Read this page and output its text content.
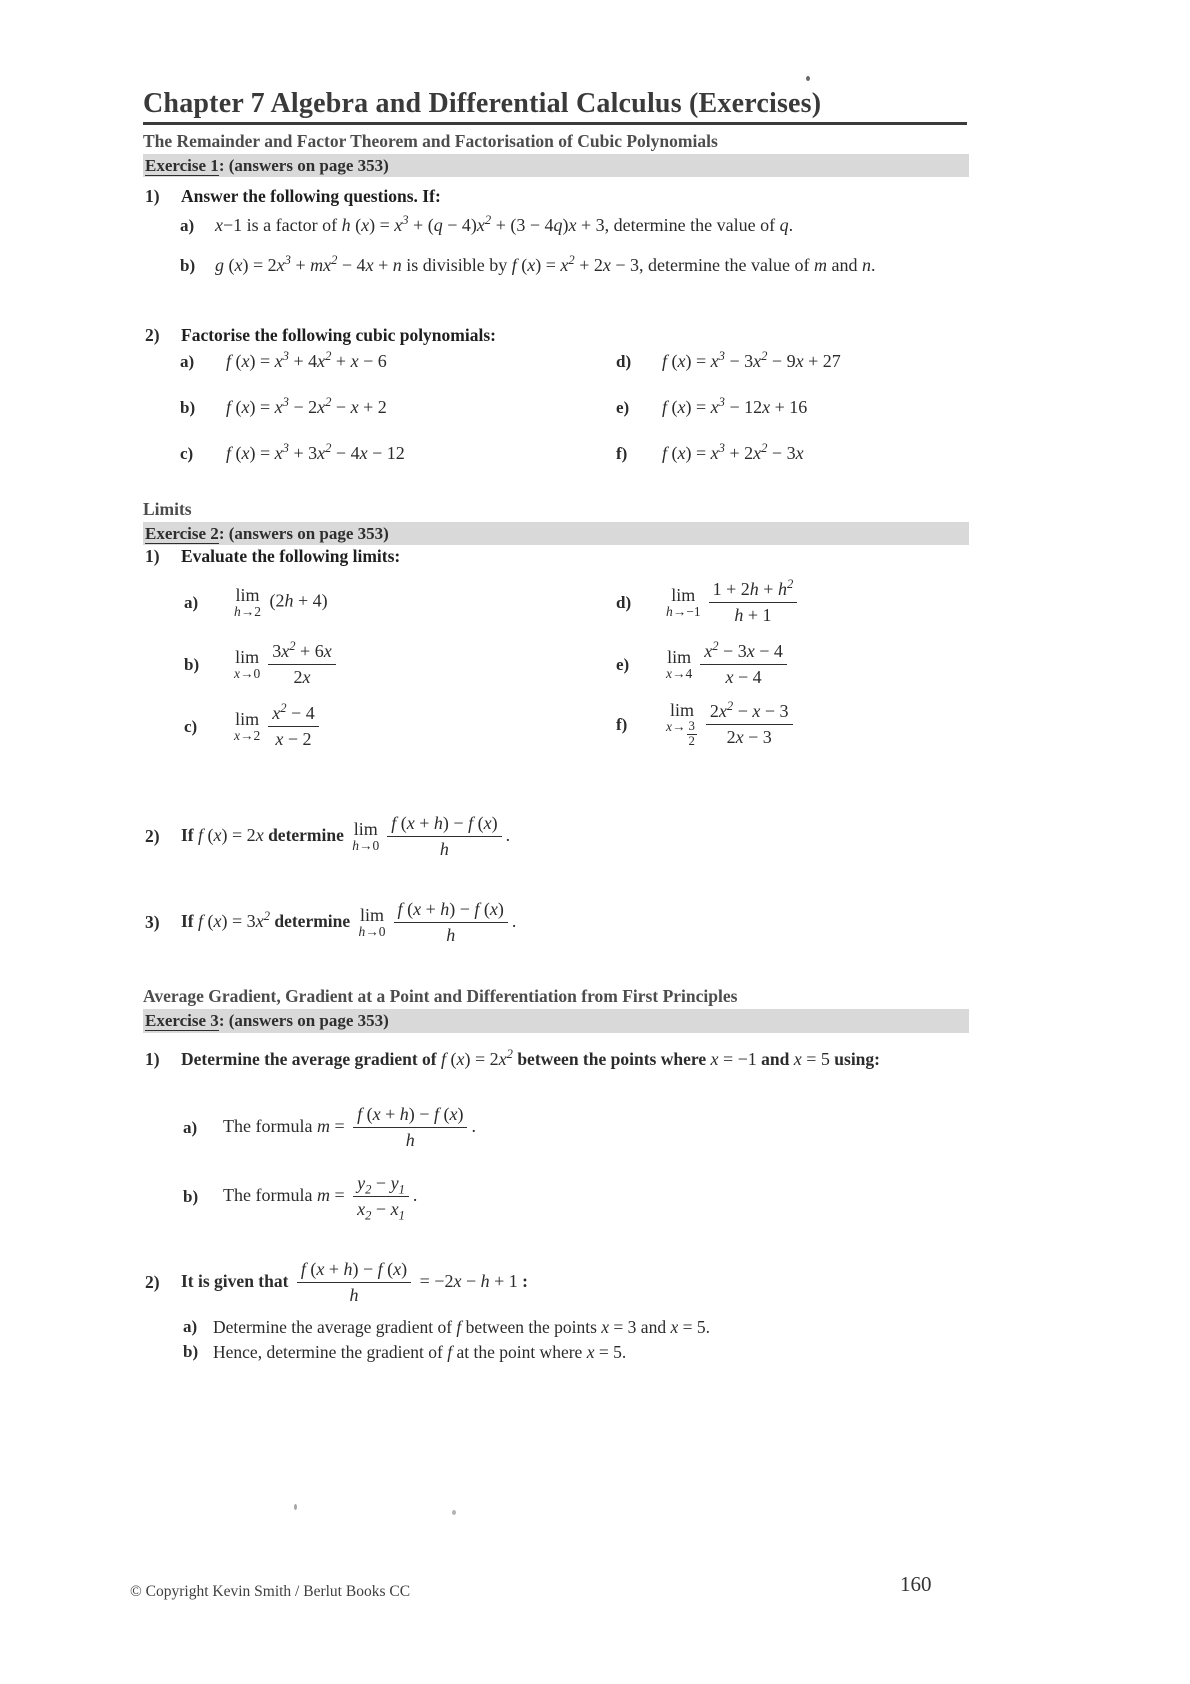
Chapter 7 Algebra and Differential Calculus (Exercises)
The Remainder and Factor Theorem and Factorisation of Cubic Polynomials
Exercise 1: (answers on page 353)
1)	Answer the following questions. If:
a)	x−1 is a factor of h $(x) = x^3 + (q - 4)x^2 + (3 - 4q)x + 3$, determine the value of q.
b)	g $(x) = 2x^3 + mx^2 - 4x + n$ is divisible by f $(x) = x^2 + 2x - 3$, determine the value of m and n.
2)	Factorise the following cubic polynomials:
a)	f $(x) = x^3 + 4x^2 + x - 6$
b)	f $(x) = x^3 - 2x^2 - x + 2$
c)	f $(x) = x^3 + 3x^2 - 4x - 12$
d)	f $(x) = x^3 - 3x^2 - 9x + 27$
e)	f $(x) = x^3 - 12x + 16$
f)	f $(x) = x^3 + 2x^2 - 3x$
Limits
Exercise 2: (answers on page 353)
1)	Evaluate the following limits:
a)	lim
h→2
(2h + 4)
b)	lim
$x\to 0 \frac{3x^2 + 6x}{2x}$
c)	lim
$x\to 2 \frac{x^2 - 4}{x - 2}$
d)	lim
$h\to-1 \frac{1 + 2h + h^2}{h + 1}$
e)	lim
$x\to 4 \frac{x^2 - 3x - 4}{x - 4}$
f)
lim
$x\to \frac{3}{2} \frac{2x^2 - x - 3}{2x - 3}$
2)	If f (x) = 2x determine lim
$h\to 0 \frac{f (x + h) - f (x)}{h}$ .
3)	If f $(x) = 3x^2$ determine lim
$h\to 0 \frac{f (x + h) - f (x)}{h}$ .
Average Gradient, Gradient at a Point and Differentiation from First Principles
Exercise 3: (answers on page 353)
1)	Determine the average gradient of f $(x) = 2x^2$ between the points where x = −1 and x = 5 using:
a)	The formula $m = \frac{f (x + h) - f (x)}{h}$ .
b)	The formula $m = \frac{y_2 - y_1}{x_2 - x_1}$ .
2)	It is given that $\frac{f (x + h) - f (x)}{h} = -2x - h + 1$ :
a) Determine the average gradient of f between the points x = 3 and x = 5.
b) Hence, determine the gradient of f at the point where x = 5.
© Copyright Kevin Smith / Berlut Books CC	160
